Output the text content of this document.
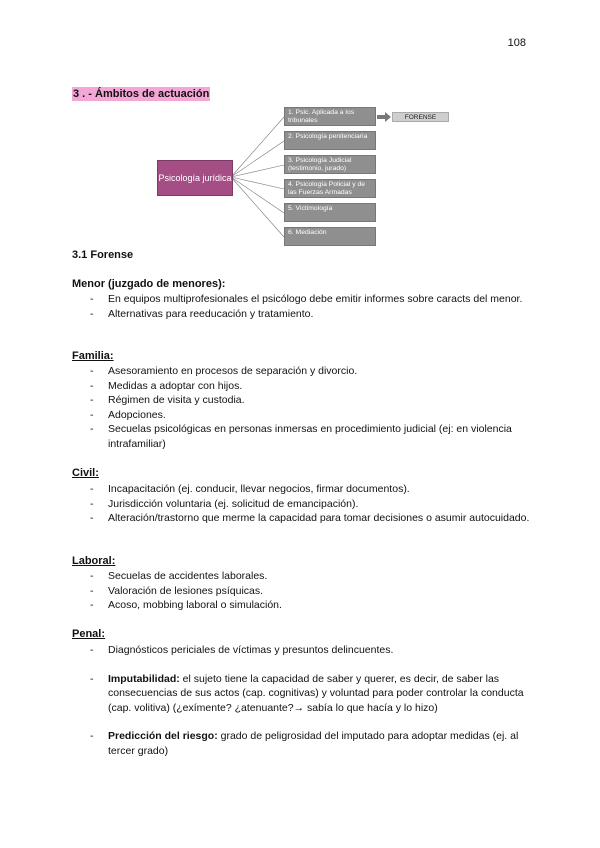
108
3 . - Ámbitos de actuación
Psicología jurídica
1. Psic. Aplicada a los tribunales
2. Psicología penitenciaria
3. Psicología Judicial (testimonio, jurado)
4. Psicología Policial y de las Fuerzas Armadas
5. Victimología
6. Mediación
FORENSE
3.1 Forense
Menor (juzgado de menores):
- En equipos multiprofesionales el psicólogo debe emitir informes sobre caracts del menor.
- Alternativas para reeducación y tratamiento.
Familia:
- Asesoramiento en procesos de separación y divorcio.
- Medidas a adoptar con hijos.
- Régimen de visita y custodia.
- Adopciones.
- Secuelas psicológicas en personas inmersas en procedimiento judicial (ej: en violencia intrafamiliar)
Civil:
- Incapacitación (ej. conducir, llevar negocios, firmar documentos).
- Jurisdicción voluntaria (ej. solicitud de emancipación).
- Alteración/trastorno que merme la capacidad para tomar decisiones o asumir autocuidado.
Laboral:
- Secuelas de accidentes laborales.
- Valoración de lesiones psíquicas.
- Acoso, mobbing laboral o simulación.
Penal:
- Diagnósticos periciales de víctimas y presuntos delincuentes.
- Imputabilidad: el sujeto tiene la capacidad de saber y querer, es decir, de saber las consecuencias de sus actos (cap. cognitivas) y voluntad para poder controlar la conducta (cap. volitiva) (¿exímente? ¿atenuante?→ sabía lo que hacía y lo hizo)
- Predicción del riesgo: grado de peligrosidad del imputado para adoptar medidas (ej. al tercer grado)
